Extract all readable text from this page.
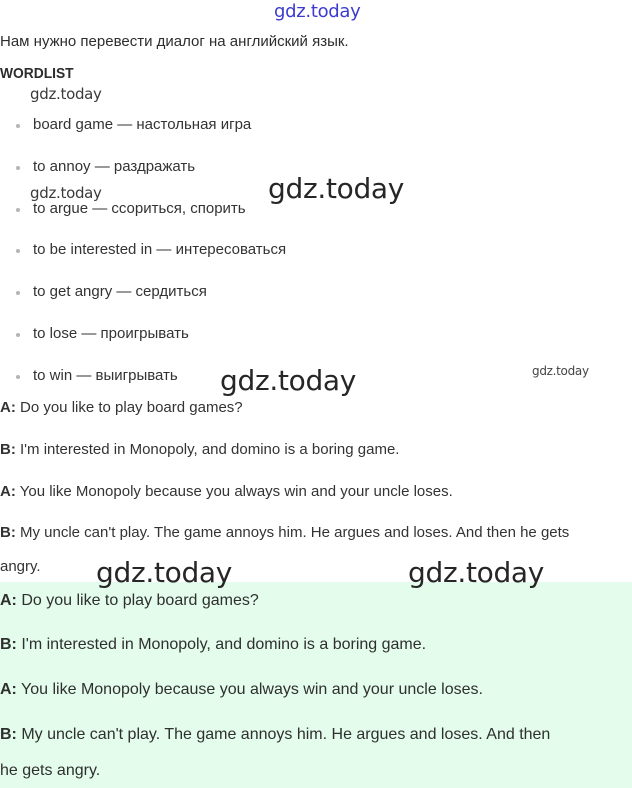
gdz.today
gdz.today
gdz.today	gdz.today
gdz.today	gdz.today
Нам нужно перевести диалог на английский язык.
WORDLIST
board game — настольная игра
to annoy — раздражать
to argue — ссориться, спорить
to be interested in — интересоваться
to get angry — сердиться
to lose — проигрывать
to win — выигрывать
A: Do you like to play board games?
B: I'm interested in Monopoly, and domino is a boring game.
A: You like Monopoly because you always win and your uncle loses.
B: My uncle can't play. The game annoys him. He argues and loses. And then he gets
angry.
A: Do you like to play board games?
B: I'm interested in Monopoly, and domino is a boring game.
A: You like Monopoly because you always win and your uncle loses.
B: My uncle can't play. The game annoys him. He argues and loses. And then
he gets angry.
gdz.today	gdz.today
